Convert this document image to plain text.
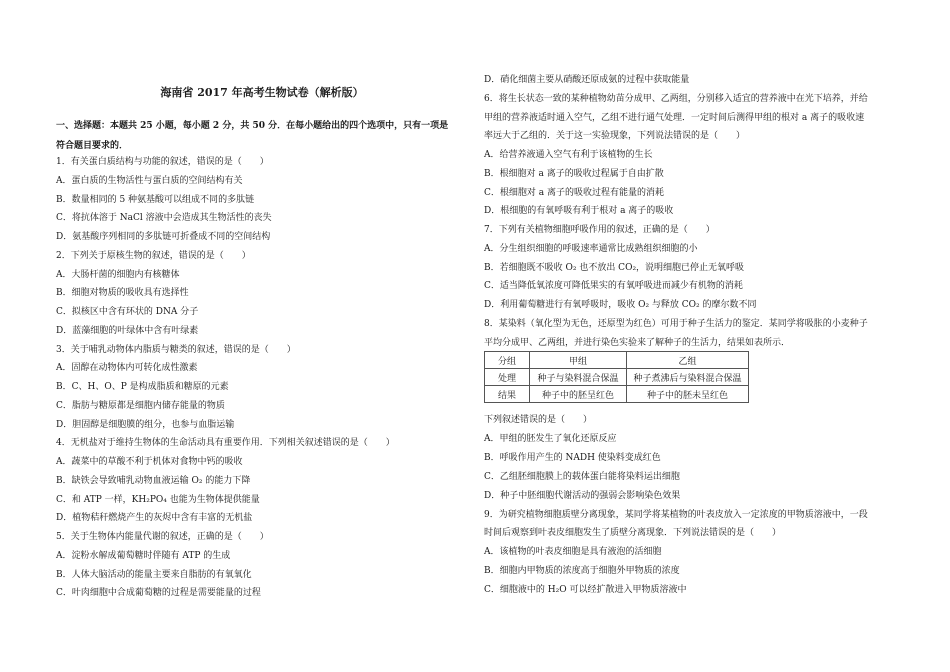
海南省 2017 年高考生物试卷（解析版）
一、选择题：本题共 25 小题，每小题 2 分，共 50 分．在每小题给出的四个选项中，只有一项是
符合题目要求的．
1．有关蛋白质结构与功能的叙述，错误的是（　　）
A．蛋白质的生物活性与蛋白质的空间结构有关
B．数量相同的 5 种氨基酸可以组成不同的多肽链
C．将抗体溶于 NaCl 溶液中会造成其生物活性的丧失
D．氨基酸序列相同的多肽链可折叠成不同的空间结构
2．下列关于原核生物的叙述，错误的是（　　）
A．大肠杆菌的细胞内有核糖体
B．细胞对物质的吸收具有选择性
C．拟核区中含有环状的 DNA 分子
D．蓝藻细胞的叶绿体中含有叶绿素
3．关于哺乳动物体内脂质与糖类的叙述，错误的是（　　）
A．固醇在动物体内可转化成性激素
B．C、H、O、P 是构成脂质和糖原的元素
C．脂肪与糖原都是细胞内储存能量的物质
D．胆固醇是细胞膜的组分，也参与血脂运输
4．无机盐对于维持生物体的生命活动具有重要作用．下列相关叙述错误的是（　　）
A．蔬菜中的草酸不利于机体对食物中钙的吸收
B．缺铁会导致哺乳动物血液运输 O₂ 的能力下降
C．和 ATP 一样，KH₂PO₄ 也能为生物体提供能量
D．植物秸秆燃烧产生的灰烬中含有丰富的无机盐
5．关于生物体内能量代谢的叙述，正确的是（　　）
A．淀粉水解成葡萄糖时伴随有 ATP 的生成
B．人体大脑活动的能量主要来自脂肪的有氧氧化
C．叶肉细胞中合成葡萄糖的过程是需要能量的过程
D．硝化细菌主要从硝酸还原成氨的过程中获取能量
6．将生长状态一致的某种植物幼苗分成甲、乙两组，分别移入适宜的营养液中在光下培养，并给
甲组的营养液适时通入空气，乙组不进行通气处理．一定时间后测得甲组的根对 a 离子的吸收速
率远大于乙组的．关于这一实验现象，下列说法错误的是（　　）
A．给营养液通入空气有利于该植物的生长
B．根细胞对 a 离子的吸收过程属于自由扩散
C．根细胞对 a 离子的吸收过程有能量的消耗
D．根细胞的有氧呼吸有利于根对 a 离子的吸收
7．下列有关植物细胞呼吸作用的叙述，正确的是（　　）
A．分生组织细胞的呼吸速率通常比成熟组织细胞的小
B．若细胞既不吸收 O₂ 也不放出 CO₂，说明细胞已停止无氧呼吸
C．适当降低氧浓度可降低果实的有氧呼吸进而减少有机物的消耗
D．利用葡萄糖进行有氧呼吸时，吸收 O₂ 与释放 CO₂ 的摩尔数不同
8．某染料（氧化型为无色，还原型为红色）可用于种子生活力的鉴定．某同学将吸胀的小麦种子
平均分成甲、乙两组，并进行染色实验来了解种子的生活力，结果如表所示．
分组	甲组	乙组
处理	种子与染料混合保温	种子煮沸后与染料混合保温
结果	种子中的胚呈红色	种子中的胚未呈红色
下列叙述错误的是（　　）
A．甲组的胚发生了氧化还原反应
B．呼吸作用产生的 NADH 使染料变成红色
C．乙组胚细胞膜上的载体蛋白能将染料运出细胞
D．种子中胚细胞代谢活动的强弱会影响染色效果
9．为研究植物细胞质壁分离现象，某同学将某植物的叶表皮放入一定浓度的甲物质溶液中，一段
时间后观察到叶表皮细胞发生了质壁分离现象．下列说法错误的是（　　）
A．该植物的叶表皮细胞是具有液泡的活细胞
B．细胞内甲物质的浓度高于细胞外甲物质的浓度
C．细胞液中的 H₂O 可以经扩散进入甲物质溶液中
